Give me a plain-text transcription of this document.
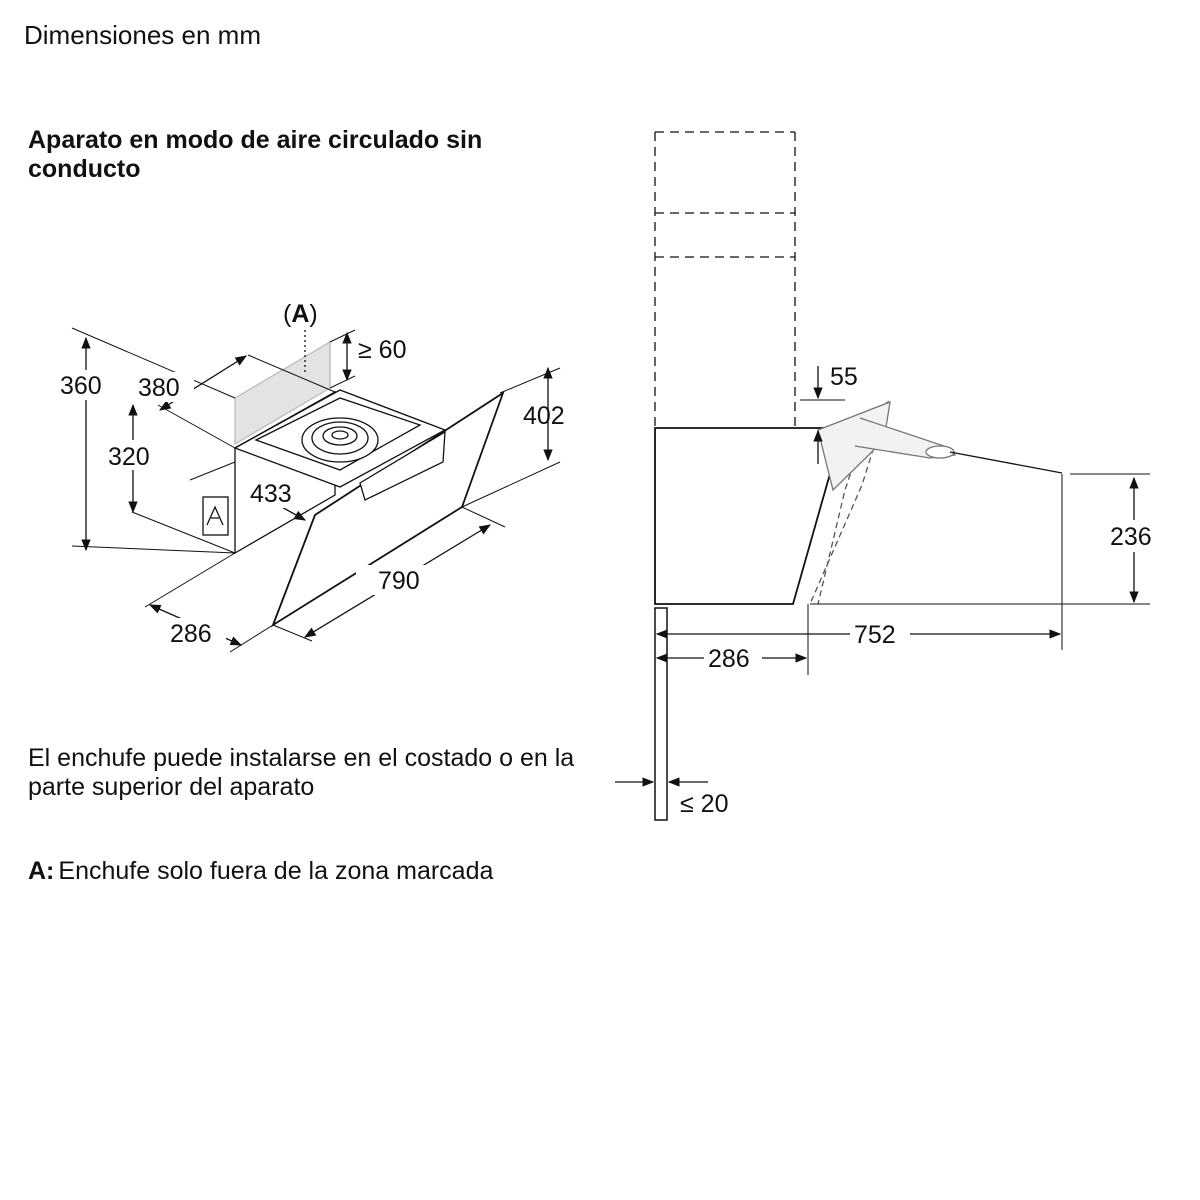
Dimensiones en mm

Aparato en modo de aire circulado sin conducto

El enchufe puede instalarse en el costado o en la parte superior del aparato

A: Enchufe solo fuera de la zona marcada

(A)
≥ 60
360 380
320
433
402
790
286
55
236
752
286
≤ 20
